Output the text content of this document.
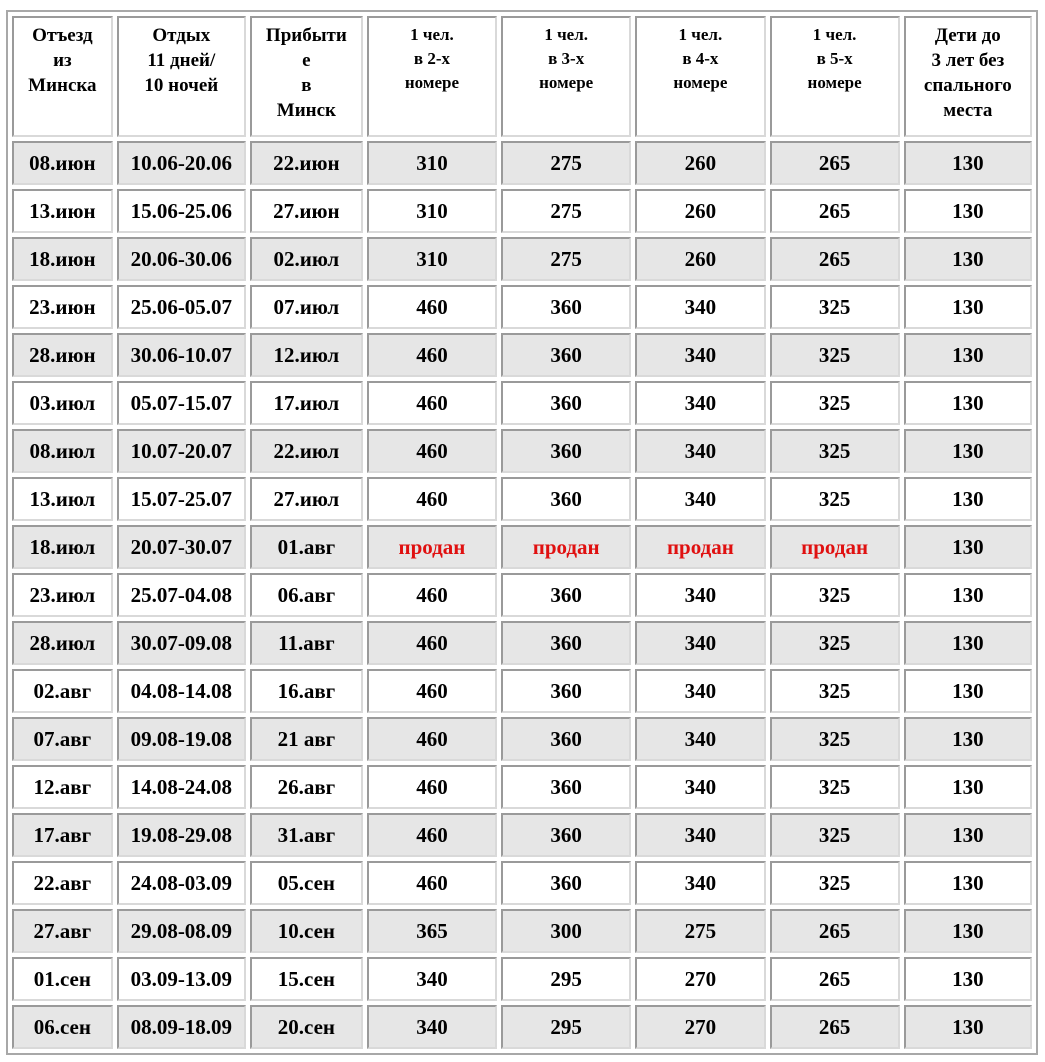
Отъезд
из
Минска	Отдых
11 дней/
10 ночей	Прибыти
е
в
Минск	1 чел.
в 2-х
номере	1 чел.
в 3-х
номере	1 чел.
в 4-х
номере	1 чел.
в 5-х
номере	Дети до
3 лет без
спального
места
08.июн	10.06-20.06	22.июн	310	275	260	265	130
13.июн	15.06-25.06	27.июн	310	275	260	265	130
18.июн	20.06-30.06	02.июл	310	275	260	265	130
23.июн	25.06-05.07	07.июл	460	360	340	325	130
28.июн	30.06-10.07	12.июл	460	360	340	325	130
03.июл	05.07-15.07	17.июл	460	360	340	325	130
08.июл	10.07-20.07	22.июл	460	360	340	325	130
13.июл	15.07-25.07	27.июл	460	360	340	325	130
18.июл	20.07-30.07	01.авг	продан	продан	продан	продан	130
23.июл	25.07-04.08	06.авг	460	360	340	325	130
28.июл	30.07-09.08	11.авг	460	360	340	325	130
02.авг	04.08-14.08	16.авг	460	360	340	325	130
07.авг	09.08-19.08	21 авг	460	360	340	325	130
12.авг	14.08-24.08	26.авг	460	360	340	325	130
17.авг	19.08-29.08	31.авг	460	360	340	325	130
22.авг	24.08-03.09	05.сен	460	360	340	325	130
27.авг	29.08-08.09	10.сен	365	300	275	265	130
01.сен	03.09-13.09	15.сен	340	295	270	265	130
06.сен	08.09-18.09	20.сен	340	295	270	265	130
